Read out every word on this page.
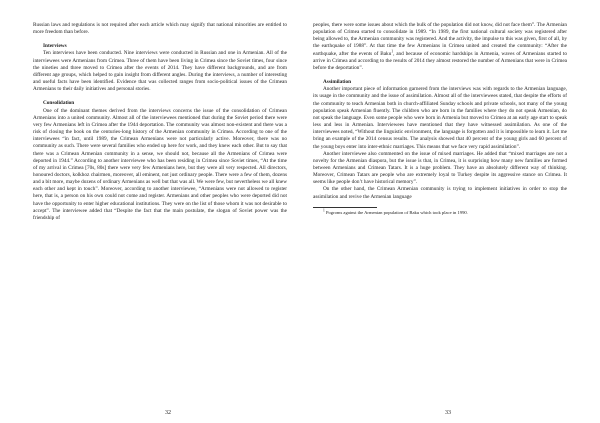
Russian laws and regulations is not required after each article which may signify that national minorities are entitled to more freedom than before.

Interviews

Ten interviews have been conducted. Nine interviews were conducted in Russian and one in Armenian. All of the interviewees were Armenians from Crimea. Three of them have been living in Crimea since the Soviet times, four since the nineties and three moved to Crimea after the events of 2014. They have different backgrounds, and are from different age groups, which helped to gain insight from different angles. During the interviews, a number of interesting and useful facts have been identified. Evidence that was collected ranges from socio-political issues of the Crimean Armenians to their daily initiatives and personal stories.

Consolidation

One of the dominant themes derived from the interviews concerns the issue of the consolidation of Crimean Armenians into a united community. Almost all of the interviewees mentioned that during the Soviet period there were very few Armenians left in Crimea after the 1944 deportation. The community was almost non-existent and there was a risk of closing the book on the centuries-long history of the Armenian community in Crimea. According to one of the interviewees “in fact, until 1989, the Crimean Armenians were not particularly active. Moreover, there was no community as such. There were several families who ended up here for work, and they knew each other. But to say that there was a Crimean Armenian community in a sense, we should not, because all the Armenians of Crimea were deported in 1944.” According to another interviewee who has been residing in Crimea since Soviet times, “At the time of my arrival in Crimea [70s, 80s] there were very few Armenians here, but they were all very respected. All directors, honoured doctors, kolkhoz chairmen, moreover, all eminent, not just ordinary people. There were a few of them, dozens and a bit more, maybe dozens of ordinary Armenians as well but that was all. We were few, but nevertheless we all knew each other and kept in touch”. Moreover, according to another interviewee, “Armenians were not allowed to register here, that is, a person on his own could not come and register. Armenians and other peoples who were deported did not have the opportunity to enter higher educational institutions. They were on the list of those whom it was not desirable to accept”. The interviewee added that “Despite the fact that the main postulate, the slogan of Soviet power was the friendship of

32

peoples, there were some issues about which the bulk of the population did not know, did not face them”. The Armenian population of Crimea started to consolidate in 1989. “In 1989, the first national cultural society was registered after being allowed to, the Armenian community was registered. And the activity, the impulse to this was given, first of all, by the earthquake of 1988”. At that time the few Armenians in Crimea united and created the community: “After the earthquake, after the events of Baku$^1$, and because of economic hardships in Armenia, waves of Armenians started to arrive in Crimea and according to the results of 2014 they almost restored the number of Armenians that were in Crimea before the deportation”.

Assimilation

Another important piece of information garnered from the interviews was with regards to the Armenian language, its usage in the community and the issue of assimilation. Almost all of the interviewees stated, that despite the efforts of the community to teach Armenian both in church-affiliated Sunday schools and private schools, not many of the young population speak Armenian fluently. The children who are born in the families where they do not speak Armenian, do not speak the language. Even some people who were born in Armenia but moved to Crimea at an early age start to speak less and less in Armenian. Interviewees have mentioned that they have witnessed assimilation. As one of the interviewees noted, “Without the linguistic environment, the language is forgotten and it is impossible to learn it. Let me bring an example of the 2014 census results. The analysis showed that 40 percent of the young girls and 60 percent of the young boys enter into inter-ethnic marriages. This means that we face very rapid assimilation”.

Another interviewee also commented on the issue of mixed marriages. He added that “mixed marriages are not a novelty for the Armenian diaspora, but the issue is that, in Crimea, it is surprising how many new families are formed between Armenians and Crimean Tatars. It is a huge problem. They have an absolutely different way of thinking. Moreover, Crimean Tatars are people who are extremely loyal to Turkey despite its aggressive stance on Crimea. It seems like people don’t have historical memory”.

On the other hand, the Crimean Armenian community is trying to implement initiatives in order to stop the assimilation and revive the Armenian language

$^1$ Pogroms against the Armenian population of Baku which took place in 1990.

33
